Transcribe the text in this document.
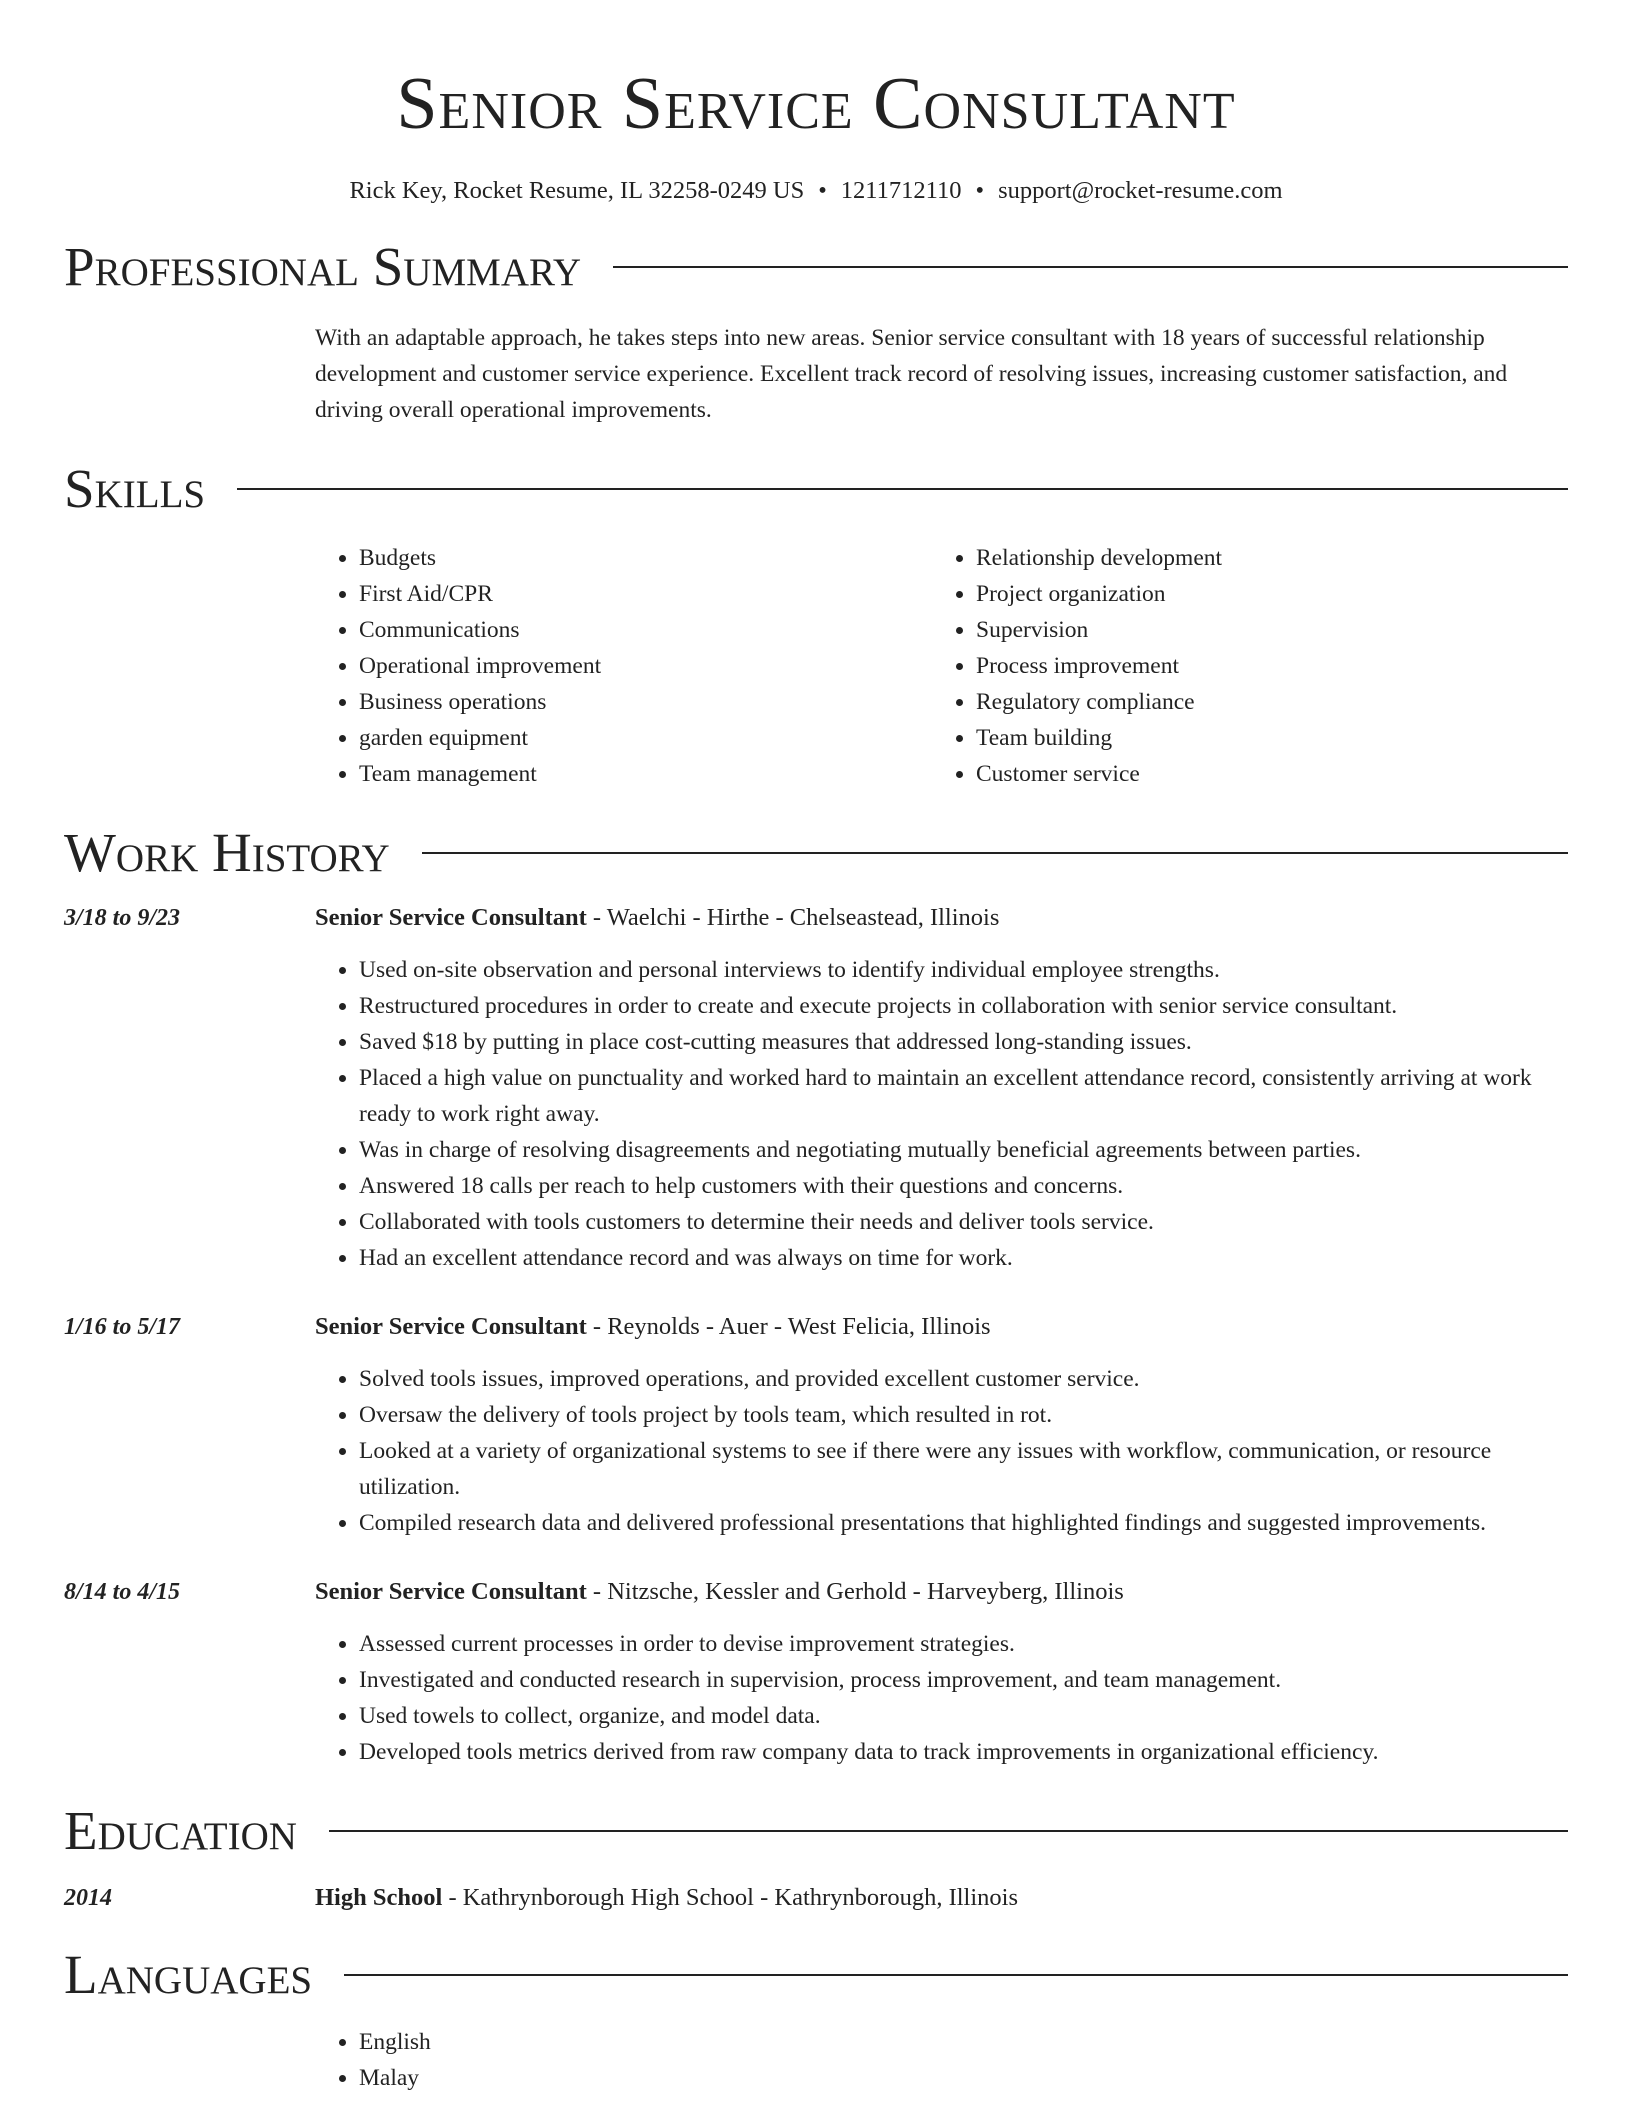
Senior Service Consultant
Rick Key, Rocket Resume, IL 32258-0249 US • 1211712110 • support@rocket-resume.com
Professional Summary
With an adaptable approach, he takes steps into new areas. Senior service consultant with 18 years of successful relationship development and customer service experience. Excellent track record of resolving issues, increasing customer satisfaction, and driving overall operational improvements.
Skills
• Budgets
• First Aid/CPR
• Communications
• Operational improvement
• Business operations
• garden equipment
• Team management
• Relationship development
• Project organization
• Supervision
• Process improvement
• Regulatory compliance
• Team building
• Customer service
Work History
3/18 to 9/23	Senior Service Consultant - Waelchi - Hirthe - Chelseastead, Illinois
• Used on-site observation and personal interviews to identify individual employee strengths.
• Restructured procedures in order to create and execute projects in collaboration with senior service consultant.
• Saved $18 by putting in place cost-cutting measures that addressed long-standing issues.
• Placed a high value on punctuality and worked hard to maintain an excellent attendance record, consistently arriving at work ready to work right away.
• Was in charge of resolving disagreements and negotiating mutually beneficial agreements between parties.
• Answered 18 calls per reach to help customers with their questions and concerns.
• Collaborated with tools customers to determine their needs and deliver tools service.
• Had an excellent attendance record and was always on time for work.
1/16 to 5/17	Senior Service Consultant - Reynolds - Auer - West Felicia, Illinois
• Solved tools issues, improved operations, and provided excellent customer service.
• Oversaw the delivery of tools project by tools team, which resulted in rot.
• Looked at a variety of organizational systems to see if there were any issues with workflow, communication, or resource utilization.
• Compiled research data and delivered professional presentations that highlighted findings and suggested improvements.
8/14 to 4/15	Senior Service Consultant - Nitzsche, Kessler and Gerhold - Harveyberg, Illinois
• Assessed current processes in order to devise improvement strategies.
• Investigated and conducted research in supervision, process improvement, and team management.
• Used towels to collect, organize, and model data.
• Developed tools metrics derived from raw company data to track improvements in organizational efficiency.
Education
2014	High School - Kathrynborough High School - Kathrynborough, Illinois
Languages
• English
• Malay
